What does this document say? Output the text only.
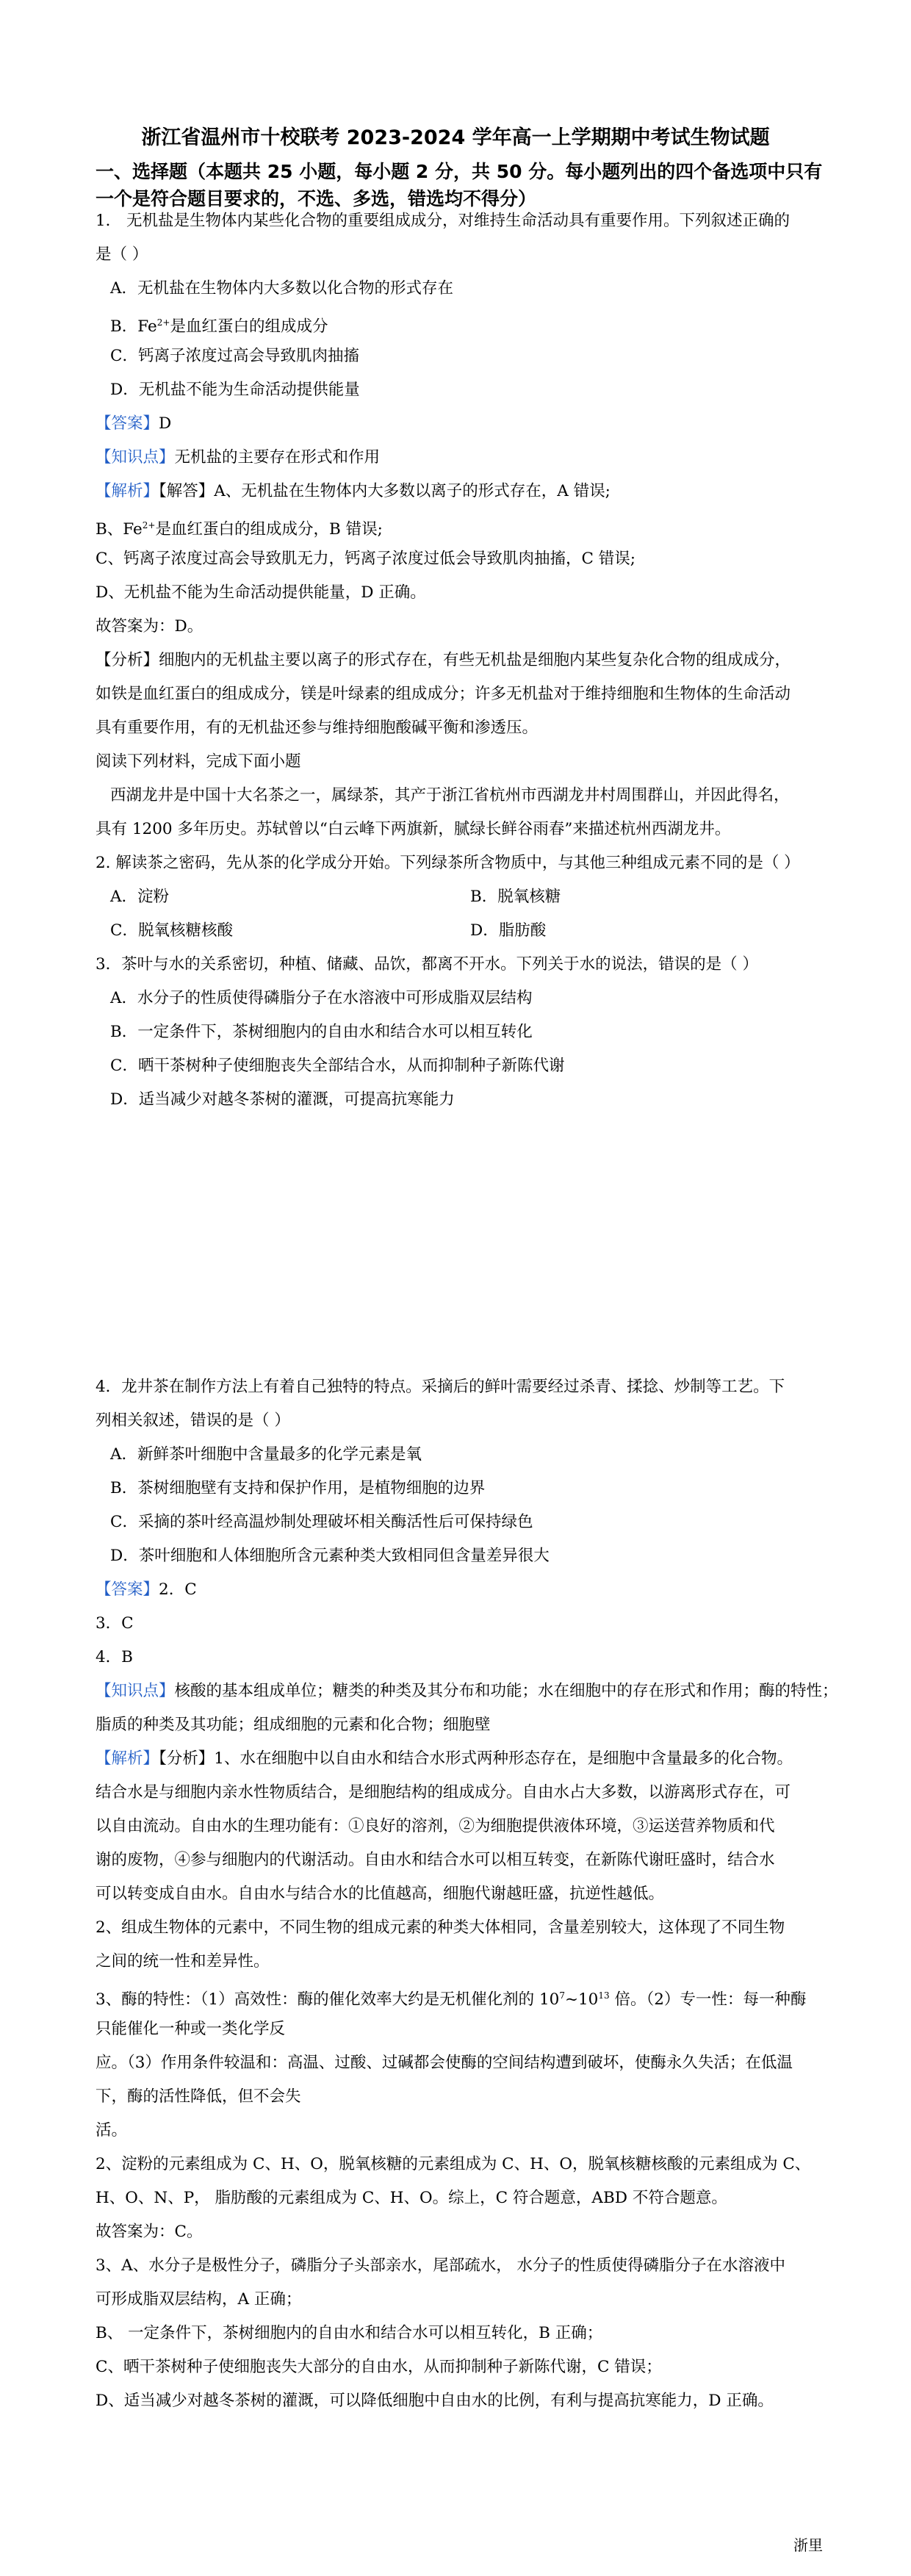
浙江省温州市十校联考 2023-2024 学年高一上学期期中考试生物试题
一、选择题（本题共 25 小题，每小题 2 分，共 50 分。每小题列出的四个备选项中只有一个是符合题目要求的，不选、多选，错选均不得分）
1． 无机盐是生物体内某些化合物的重要组成成分，对维持生命活动具有重要作用。下列叙述正确的
是（ ）
A．无机盐在生物体内大多数以化合物的形式存在
B．$Fe^{2+}$是血红蛋白的组成成分
C．钙离子浓度过高会导致肌肉抽搐
D．无机盐不能为生命活动提供能量
【答案】D
【知识点】无机盐的主要存在形式和作用
【解析】【解答】A、无机盐在生物体内大多数以离子的形式存在，A 错误;
B、$Fe^{2+}$是血红蛋白的组成成分，B 错误;
C、钙离子浓度过高会导致肌无力，钙离子浓度过低会导致肌肉抽搐，C 错误;
D、无机盐不能为生命活动提供能量，D 正确。
故答案为：D。
【分析】细胞内的无机盐主要以离子的形式存在，有些无机盐是细胞内某些复杂化合物的组成成分，
如铁是血红蛋白的组成成分，镁是叶绿素的组成成分；许多无机盐对于维持细胞和生物体的生命活动
具有重要作用，有的无机盐还参与维持细胞酸碱平衡和渗透压。
阅读下列材料，完成下面小题
西湖龙井是中国十大名茶之一，属绿茶，其产于浙江省杭州市西湖龙井村周围群山，并因此得名，
具有 1200 多年历史。苏轼曾以“白云峰下两旗新，腻绿长鲜谷雨春”来描述杭州西湖龙井。
2. 解读茶之密码，先从茶的化学成分开始。下列绿茶所含物质中，与其他三种组成元素不同的是（ ）
A．淀粉	B．脱氧核糖
C．脱氧核糖核酸	D．脂肪酸
3．茶叶与水的关系密切，种植、储藏、品饮，都离不开水。下列关于水的说法，错误的是（ ）
A．水分子的性质使得磷脂分子在水溶液中可形成脂双层结构
B．一定条件下，茶树细胞内的自由水和结合水可以相互转化
C．晒干茶树种子使细胞丧失全部结合水，从而抑制种子新陈代谢
D．适当减少对越冬茶树的灌溉，可提高抗寒能力
4．龙井茶在制作方法上有着自己独特的特点。采摘后的鲜叶需要经过杀青、揉捻、炒制等工艺。下
列相关叙述，错误的是（ ）
A．新鲜茶叶细胞中含量最多的化学元素是氧
B．茶树细胞壁有支持和保护作用，是植物细胞的边界
C．采摘的茶叶经高温炒制处理破坏相关酶活性后可保持绿色
D．茶叶细胞和人体细胞所含元素种类大致相同但含量差异很大
【答案】2．C
3．C
4．B
【知识点】核酸的基本组成单位；糖类的种类及其分布和功能；水在细胞中的存在形式和作用；酶的特性；
脂质的种类及其功能；组成细胞的元素和化合物；细胞壁
【解析】【分析】1、水在细胞中以自由水和结合水形式两种形态存在，是细胞中含量最多的化合物。
结合水是与细胞内亲水性物质结合，是细胞结构的组成成分。自由水占大多数，以游离形式存在，可
以自由流动。自由水的生理功能有：①良好的溶剂，②为细胞提供液体环境，③运送营养物质和代
谢的废物，④参与细胞内的代谢活动。自由水和结合水可以相互转变，在新陈代谢旺盛时，结合水
可以转变成自由水。自由水与结合水的比值越高，细胞代谢越旺盛，抗逆性越低。
2、组成生物体的元素中，不同生物的组成元素的种类大体相同，含量差别较大，这体现了不同生物
之间的统一性和差异性。
3、酶的特性：（1）高效性：酶的催化效率大约是无机催化剂的 $10^7\sim 10^{13}$ 倍。（2）专一性：每一种酶
只能催化一种或一类化学反
应。（3）作用条件较温和：高温、过酸、过碱都会使酶的空间结构遭到破坏，使酶永久失活；在低温
下，酶的活性降低，但不会失
活。
2、淀粉的元素组成为 C、H、O，脱氧核糖的元素组成为 C、H、O，脱氧核糖核酸的元素组成为 C、
H、O、N、P， 脂肪酸的元素组成为 C、H、O。综上，C 符合题意，ABD 不符合题意。
故答案为：C。
3、A、水分子是极性分子，磷脂分子头部亲水，尾部疏水， 水分子的性质使得磷脂分子在水溶液中
可形成脂双层结构，A 正确；
B、 一定条件下，茶树细胞内的自由水和结合水可以相互转化，B 正确；
C、晒干茶树种子使细胞丧失大部分的自由水，从而抑制种子新陈代谢，C 错误；
D、适当减少对越冬茶树的灌溉，可以降低细胞中自由水的比例，有利与提高抗寒能力，D 正确。
浙里
